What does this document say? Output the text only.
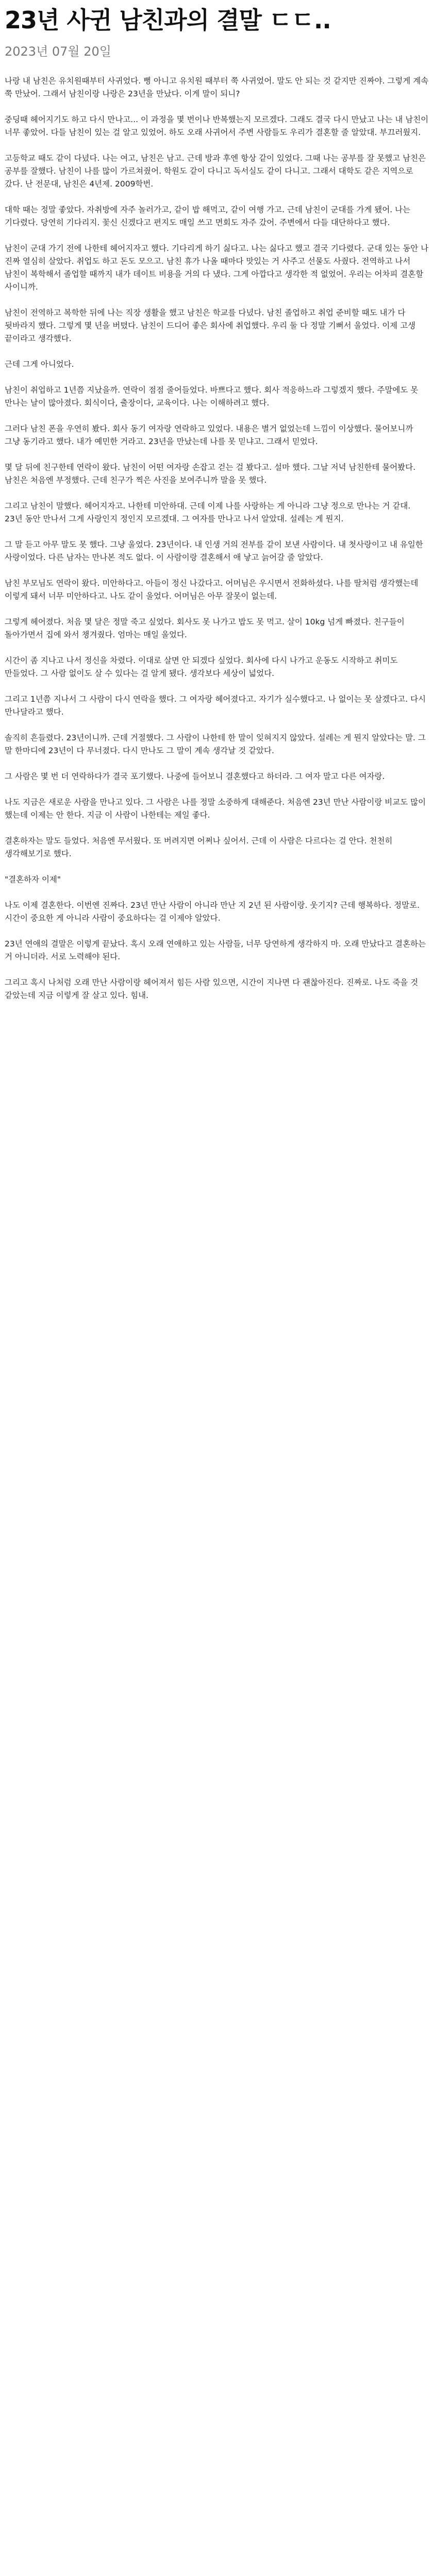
23년 사귄 남친과의 결말 ㄷㄷ..
2023년 07월 20일

나랑 내 남친은 유치원때부터 사귀었다. 뻥 아니고 유치원 때부터 쭉 사귀었어. 말도 안 되는 것 같지만 진짜야. 그렇게 계속 쭉 만났어. 그래서 남친이랑 나랑은 23년을 만났다. 이게 말이 되니?

중딩때 헤어지기도 하고 다시 만나고... 이 과정을 몇 번이나 반복했는지 모르겠다. 그래도 결국 다시 만났고 나는 내 남친이 너무 좋았어. 다들 남친이 있는 걸 알고 있었어. 하도 오래 사귀어서 주변 사람들도 우리가 결혼할 줄 알았대. 부끄러웠지.

고등학교 때도 같이 다녔다. 나는 여고, 남친은 남고. 근데 방과 후엔 항상 같이 있었다. 그때 나는 공부를 잘 못했고 남친은 공부를 잘했다. 남친이 나를 많이 가르쳐줬어. 학원도 같이 다니고 독서실도 같이 다니고. 그래서 대학도 같은 지역으로 갔다. 난 전문대, 남친은 4년제. 2009학번.

대학 때는 정말 좋았다. 자취방에 자주 놀러가고, 같이 밥 해먹고, 같이 여행 가고. 근데 남친이 군대를 가게 됐어. 나는 기다렸다. 당연히 기다리지. 꽃신 신겠다고 편지도 매일 쓰고 면회도 자주 갔어. 주변에서 다들 대단하다고 했다.

남친이 군대 가기 전에 나한테 헤어지자고 했다. 기다리게 하기 싫다고. 나는 싫다고 했고 결국 기다렸다. 군대 있는 동안 나 진짜 열심히 살았다. 취업도 하고 돈도 모으고. 남친 휴가 나올 때마다 맛있는 거 사주고 선물도 사줬다. 전역하고 나서 남친이 복학해서 졸업할 때까지 내가 데이트 비용을 거의 다 냈다. 그게 아깝다고 생각한 적 없었어. 우리는 어차피 결혼할 사이니까.

남친이 전역하고 복학한 뒤에 나는 직장 생활을 했고 남친은 학교를 다녔다. 남친 졸업하고 취업 준비할 때도 내가 다 뒷바라지 했다. 그렇게 몇 년을 버텼다. 남친이 드디어 좋은 회사에 취업했다. 우리 둘 다 정말 기뻐서 울었다. 이제 고생 끝이라고 생각했다.

근데 그게 아니었다.

남친이 취업하고 1년쯤 지났을까. 연락이 점점 줄어들었다. 바쁘다고 했다. 회사 적응하느라 그렇겠지 했다. 주말에도 못 만나는 날이 많아졌다. 회식이다, 출장이다, 교육이다. 나는 이해하려고 했다.

그러다 남친 폰을 우연히 봤다. 회사 동기 여자랑 연락하고 있었다. 내용은 별거 없었는데 느낌이 이상했다. 물어보니까 그냥 동기라고 했다. 내가 예민한 거라고. 23년을 만났는데 나를 못 믿냐고. 그래서 믿었다.

몇 달 뒤에 친구한테 연락이 왔다. 남친이 어떤 여자랑 손잡고 걷는 걸 봤다고. 설마 했다. 그날 저녁 남친한테 물어봤다. 남친은 처음엔 부정했다. 근데 친구가 찍은 사진을 보여주니까 말을 못 했다.

그리고 남친이 말했다. 헤어지자고. 나한테 미안하대. 근데 이제 나를 사랑하는 게 아니라 그냥 정으로 만나는 거 같대. 23년 동안 만나서 그게 사랑인지 정인지 모르겠대. 그 여자를 만나고 나서 알았대. 설레는 게 뭔지.

그 말 듣고 아무 말도 못 했다. 그냥 울었다. 23년이다. 내 인생 거의 전부를 같이 보낸 사람이다. 내 첫사랑이고 내 유일한 사랑이었다. 다른 남자는 만나본 적도 없다. 이 사람이랑 결혼해서 애 낳고 늙어갈 줄 알았다.

남친 부모님도 연락이 왔다. 미안하다고. 아들이 정신 나갔다고. 어머님은 우시면서 전화하셨다. 나를 딸처럼 생각했는데 이렇게 돼서 너무 미안하다고. 나도 같이 울었다. 어머님은 아무 잘못이 없는데.

그렇게 헤어졌다. 처음 몇 달은 정말 죽고 싶었다. 회사도 못 나가고 밥도 못 먹고. 살이 10kg 넘게 빠졌다. 친구들이 돌아가면서 집에 와서 챙겨줬다. 엄마는 매일 울었다.

시간이 좀 지나고 나서 정신을 차렸다. 이대로 살면 안 되겠다 싶었다. 회사에 다시 나가고 운동도 시작하고 취미도 만들었다. 그 사람 없이도 살 수 있다는 걸 알게 됐다. 생각보다 세상이 넓었다.

그리고 1년쯤 지나서 그 사람이 다시 연락을 했다. 그 여자랑 헤어졌다고. 자기가 실수했다고. 나 없이는 못 살겠다고. 다시 만나달라고 했다.

솔직히 흔들렸다. 23년이니까. 근데 거절했다. 그 사람이 나한테 한 말이 잊혀지지 않았다. 설레는 게 뭔지 알았다는 말. 그 말 한마디에 23년이 다 무너졌다. 다시 만나도 그 말이 계속 생각날 것 같았다.

그 사람은 몇 번 더 연락하다가 결국 포기했다. 나중에 들어보니 결혼했다고 하더라. 그 여자 말고 다른 여자랑.

나도 지금은 새로운 사람을 만나고 있다. 그 사람은 나를 정말 소중하게 대해준다. 처음엔 23년 만난 사람이랑 비교도 많이 했는데 이제는 안 한다. 지금 이 사람이 나한테는 제일 좋다.

결혼하자는 말도 들었다. 처음엔 무서웠다. 또 버려지면 어쩌나 싶어서. 근데 이 사람은 다르다는 걸 안다. 천천히 생각해보기로 했다.

"결혼하자 이제"

나도 이제 결혼한다. 이번엔 진짜다. 23년 만난 사람이 아니라 만난 지 2년 된 사람이랑. 웃기지? 근데 행복하다. 정말로. 시간이 중요한 게 아니라 사람이 중요하다는 걸 이제야 알았다.

23년 연애의 결말은 이렇게 끝났다. 혹시 오래 연애하고 있는 사람들, 너무 당연하게 생각하지 마. 오래 만났다고 결혼하는 거 아니더라. 서로 노력해야 된다.

그리고 혹시 나처럼 오래 만난 사람이랑 헤어져서 힘든 사람 있으면, 시간이 지나면 다 괜찮아진다. 진짜로. 나도 죽을 것 같았는데 지금 이렇게 잘 살고 있다. 힘내.
